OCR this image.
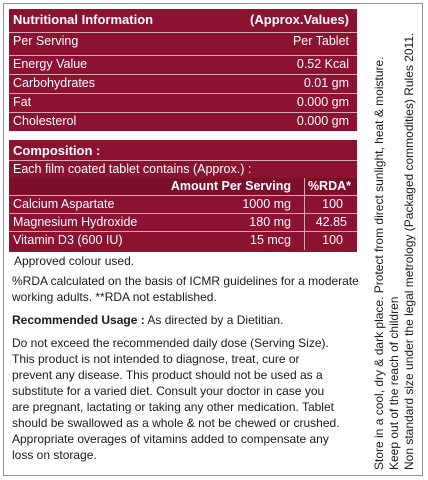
Nutritional Information	(Approx.Values)
Per Serving	Per Tablet
Energy Value	0.52 Kcal
Carbohydrates	0.01 gm
Fat	0.000 gm
Cholesterol	0.000 gm
Composition :
Each film coated tablet contains (Approx.) :
Amount Per Serving %RDA*
Calcium Aspartate	1000 mg 100
Magnesium Hydroxide	180 mg 42.85
Vitamin D3 (600 IU)	15 mcg 100
Approved colour used.
%RDA calculated on the basis of ICMR guidelines for a moderate
working adults. **RDA not established.
Recommended Usage : As directed by a Dietitian.
Do not exceed the recommended daily dose (Serving Size).
This product is not intended to diagnose, treat, cure or
prevent any disease. This product should not be used as a
substitute for a varied diet. Consult your doctor in case you
are pregnant, lactating or taking any other medication. Tablet
should be swallowed as a whole & not be chewed or crushed.
Appropriate overages of vitamins added to compensate any
loss on storage.	Store in a cool, dry & dark place. Protect from direct sunlight, heat & moisture. Keep out of the reach of children Non standard size under the legal metrology (Packaged commodities) Rules 2011.
